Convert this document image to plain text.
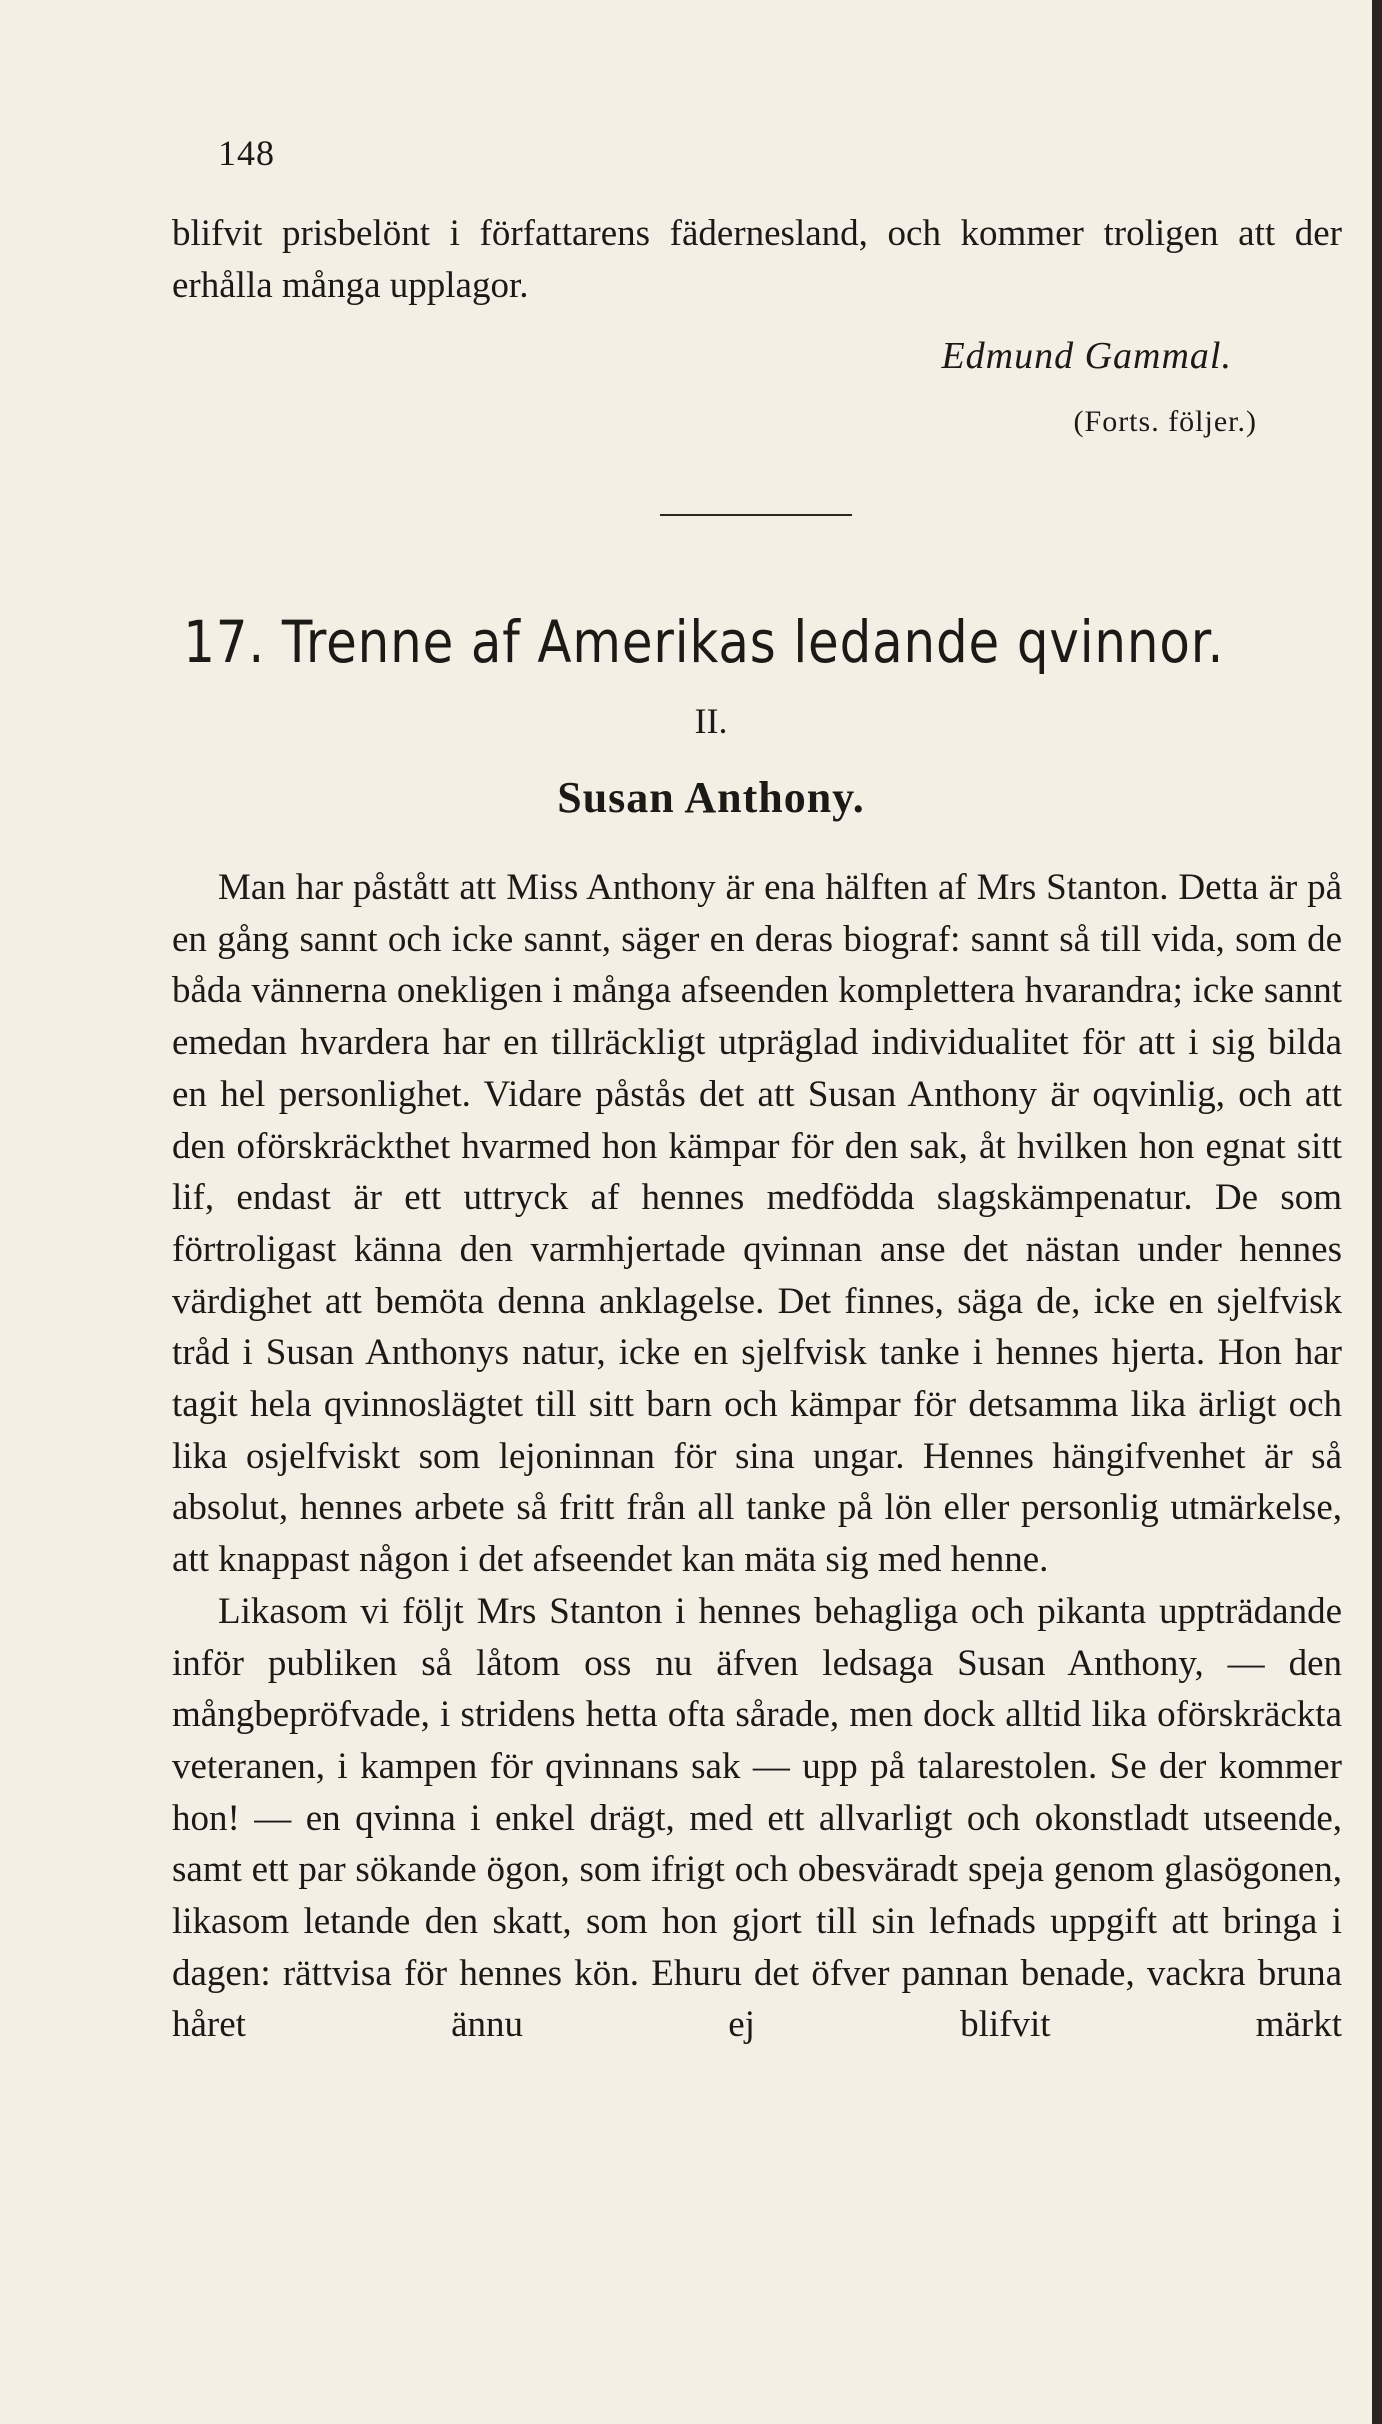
148

blifvit prisbelönt i författarens fädernesland, och kommer troligen att der erhålla många upplagor.

Edmund Gammal.
(Forts. följer.)
17. Trenne af Amerikas ledande qvinnor.
II.
Susan Anthony.

Man har påstått att Miss Anthony är ena hälften af Mrs Stanton. Detta är på en gång sannt och icke sannt, säger en deras biograf: sannt så till vida, som de båda vännerna onekligen i många afseenden komplettera hvarandra; icke sannt emedan hvardera har en tillräckligt utpräglad individualitet för att i sig bilda en hel personlighet. Vidare påstås det att Susan Anthony är oqvinlig, och att den oförskräckthet hvarmed hon kämpar för den sak, åt hvilken hon egnat sitt lif, endast är ett uttryck af hennes medfödda slagskämpenatur. De som förtroligast känna den varmhjertade qvinnan anse det nästan under hennes värdighet att bemöta denna anklagelse. Det finnes, säga de, icke en sjelfvisk tråd i Susan Anthonys natur, icke en sjelfvisk tanke i hennes hjerta. Hon har tagit hela qvinnoslägtet till sitt barn och kämpar för detsamma lika ärligt och lika osjelfviskt som lejoninnan för sina ungar. Hennes hängifvenhet är så absolut, hennes arbete så fritt från all tanke på lön eller personlig utmärkelse, att knappast någon i det afseendet kan mäta sig med henne.

Likasom vi följt Mrs Stanton i hennes behagliga och pikanta uppträdande inför publiken så låtom oss nu äfven ledsaga Susan Anthony, — den mångbepröfvade, i stridens hetta ofta sårade, men dock alltid lika oförskräckta veteranen, i kampen för qvinnans sak — upp på talarestolen. Se der kommer hon! — en qvinna i enkel drägt, med ett allvarligt och okonstladt utseende, samt ett par sökande ögon, som ifrigt och obesväradt speja genom glasögonen, likasom letande den skatt, som hon gjort till sin lefnads uppgift att bringa i dagen: rättvisa för hennes kön. Ehuru det öfver pannan benade, vackra bruna håret ännu ej blifvit märkt
